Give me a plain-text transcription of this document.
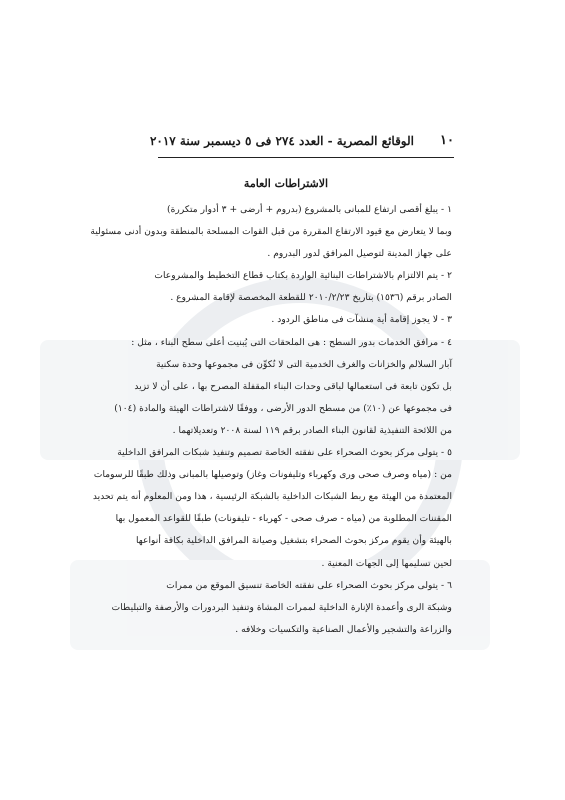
١٠
الوقائع المصرية - العدد ٢٧٤ فى ٥ ديسمبر سنة ٢٠١٧
الاشتراطات العامة

١ - يبلغ أقصى ارتفاع للمبانى بالمشروع (بدروم + أرضى + ٣ أدوار متكررة)
وبما لا يتعارض مع قيود الارتفاع المقررة من قبل القوات المسلحة بالمنطقة وبدون أدنى مسئولية
على جهاز المدينة لتوصيل المرافق لدور البدروم .

٢ - يتم الالتزام بالاشتراطات البنائية الواردة بكتاب قطاع التخطيط والمشروعات
الصادر برقم (١٥٣٦) بتاريخ ٢٠١٠/٢/٢٣ للقطعة المخصصة لإقامة المشروع .

٣ - لا يجوز إقامة أية منشآت فى مناطق الردود .

٤ - مرافق الخدمات بدور السطح : هى الملحقات التى يُبنيت أعلى سطح البناء ، مثل :
آبار السلالم والخزانات والغرف الخدمية التى لا تُكوِّن فى مجموعها وحدة سكنية
بل تكون تابعة فى استعمالها لباقى وحدات البناء المقفلة المصرح بها ، على أن لا تزيد
فى مجموعها عن (١٠٪) من مسطح الدور الأرضى ، ووفقًا لاشتراطات الهيئة والمادة (١٠٤)
من اللائحة التنفيذية لقانون البناء الصادر برقم ١١٩ لسنة ٢٠٠٨ وتعديلاتهما .

٥ - يتولى مركز بحوث الصحراء على نفقته الخاصة تصميم وتنفيذ شبكات المرافق الداخلية
من : (مياه وصرف صحى ورى وكهرباء وتليفونات وغاز) وتوصيلها بالمبانى وذلك طبقًا للرسومات
المعتمدة من الهيئة مع ربط الشبكات الداخلية بالشبكة الرئيسية ، هذا ومن المعلوم أنه يتم تحديد
المقننات المطلوبة من (مياه - صرف صحى - كهرباء - تليفونات) طبقًا للقواعد المعمول بها
بالهيئة وأن يقوم مركز بحوث الصحراء بتشغيل وصيانة المرافق الداخلية بكافة أنواعها
لحين تسليمها إلى الجهات المعنية .

٦ - يتولى مركز بحوث الصحراء على نفقته الخاصة تنسيق الموقع من ممرات
وشبكة الرى وأعمدة الإنارة الداخلية لممرات المشاة وتنفيذ البردورات والأرصفة والتبليطات
والزراعة والتشجير والأعمال الصناعية والتكسيات وخلافه .
